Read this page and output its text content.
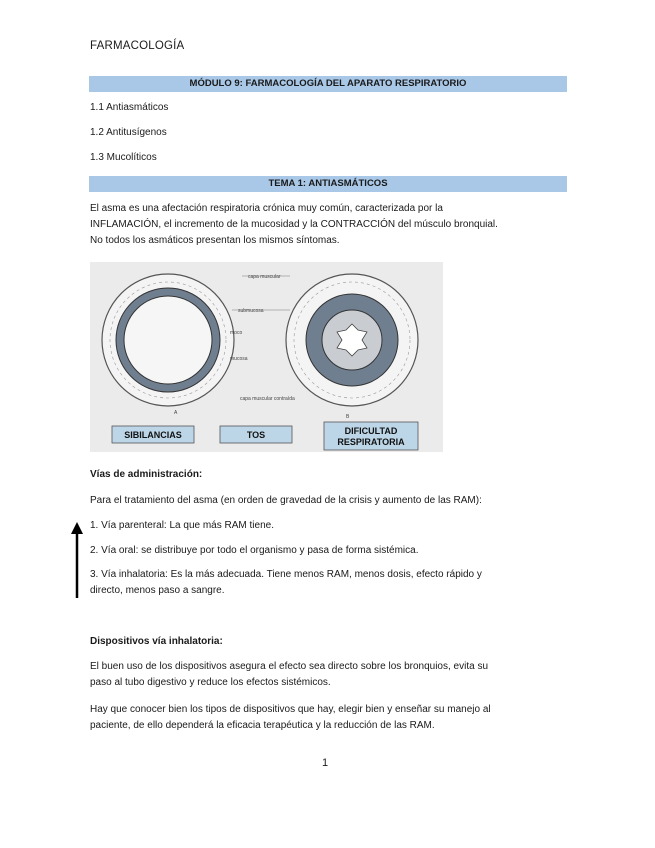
FARMACOLOGÍA
MÓDULO 9: FARMACOLOGÍA DEL APARATO RESPIRATORIO
1.1 Antiasmáticos
1.2 Antitusígenos
1.3 Mucolíticos
TEMA 1: ANTIASMÁTICOS
El asma es una afectación respiratoria crónica muy común, caracterizada por la
INFLAMACIÓN, el incremento de la mucosidad y la CONTRACCIÓN del músculo bronquial.
No todos los asmáticos presentan los mismos síntomas.
capa muscular
submucosa
moco
mucosa
capa muscular contraída
A
B
SIBILANCIAS	TOS	DIFICULTAD
RESPIRATORIA
Vías de administración:
Para el tratamiento del asma (en orden de gravedad de la crisis y aumento de las RAM):
1. Vía parenteral: La que más RAM tiene.
2. Vía oral: se distribuye por todo el organismo y pasa de forma sistémica.
3. Vía inhalatoria: Es la más adecuada. Tiene menos RAM, menos dosis, efecto rápido y
directo, menos paso a sangre.
Dispositivos vía inhalatoria:
El buen uso de los dispositivos asegura el efecto sea directo sobre los bronquios, evita su
paso al tubo digestivo y reduce los efectos sistémicos.
Hay que conocer bien los tipos de dispositivos que hay, elegir bien y enseñar su manejo al
paciente, de ello dependerá la eficacia terapéutica y la reducción de las RAM.
1
